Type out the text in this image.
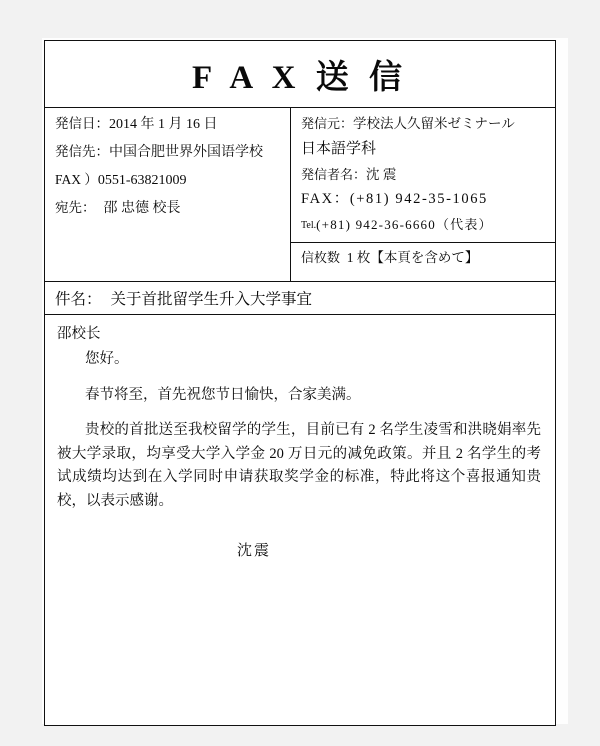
F A X 送 信
発信日：2014 年 1 月 16 日
発信先：中国合肥世界外国语学校
FAX ）0551-63821009
宛先： 邵 忠德 校長
発信元：学校法人久留米ゼミナール
日本語学科
発信者名：沈 震
FAX：(+81) 942-35-1065
Tel.(+81) 942-36-6660（代表）
信枚数 1 枚【本頁を含めて】
件名： 关于首批留学生升入大学事宜

邵校长

您好。

春节将至，首先祝您节日愉快，合家美满。

贵校的首批送至我校留学的学生，目前已有 2 名学生凌雪和洪晓娟率先被大学录取，均享受大学入学金 20 万日元的减免政策。并且 2 名学生的考试成绩均达到在入学同时申请获取奖学金的标准，特此将这个喜报通知贵校，以表示感谢。

沈震
